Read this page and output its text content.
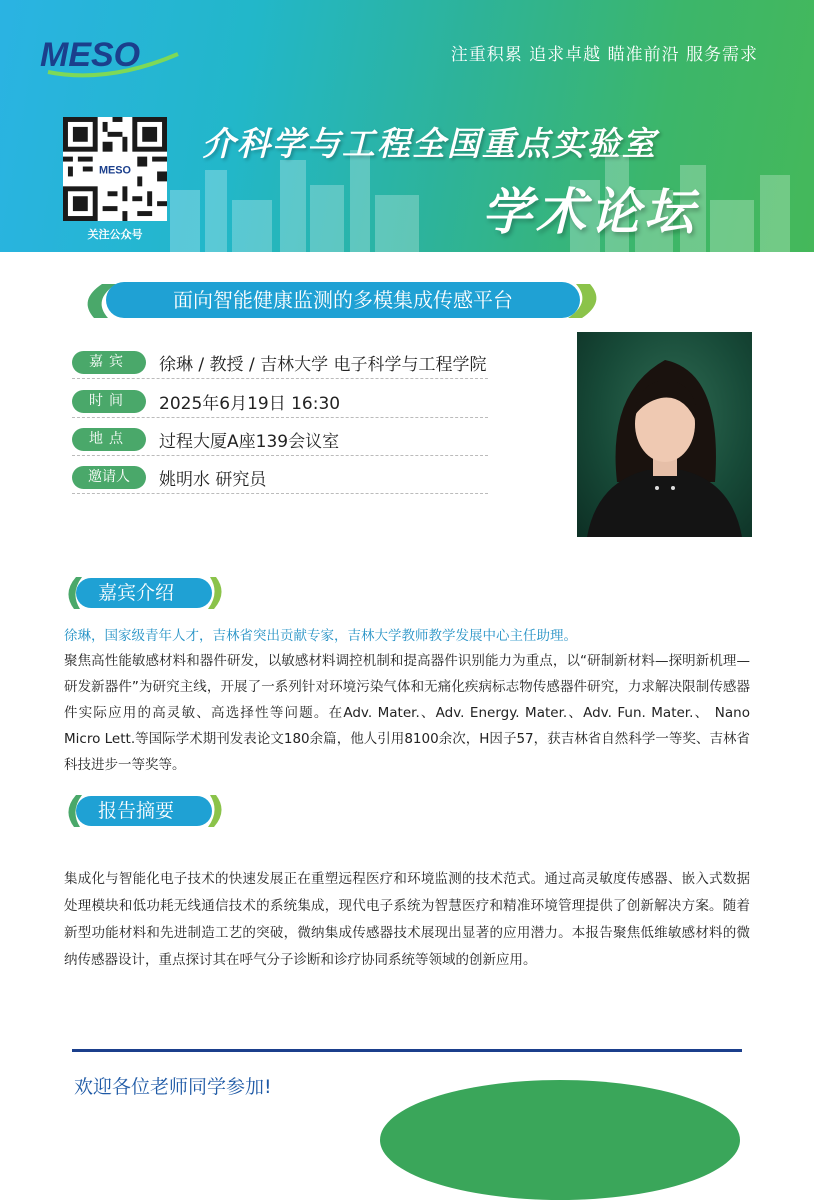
MESO	注重积累 追求卓越 瞄准前沿 服务需求
MESO
关注公众号
介科学与工程全国重点实验室
学术论坛
面向智能健康监测的多模集成传感平台
嘉宾	徐琳 / 教授 / 吉林大学 电子科学与工程学院
时间	2025年6月19日 16:30
地点	过程大厦A座139会议室
邀请人	姚明水 研究员
嘉宾介绍
徐琳，国家级青年人才，吉林省突出贡献专家，吉林大学教师教学发展中心主任助理。
聚焦高性能敏感材料和器件研发，以敏感材料调控机制和提高器件识别能力为重点，以“研制新材料—探明新机理—研发新器件”为研究主线，开展了一系列针对环境污染气体和无痛化疾病标志物传感器件研究，力求解决限制传感器件实际应用的高灵敏、高选择性等问题。在Adv. Mater.、Adv. Energy. Mater.、Adv. Fun. Mater.、 Nano Micro Lett.等国际学术期刊发表论文180余篇，他人引用8100余次，H因子57，获吉林省自然科学一等奖、吉林省科技进步一等奖等。
报告摘要
集成化与智能化电子技术的快速发展正在重塑远程医疗和环境监测的技术范式。通过高灵敏度传感器、嵌入式数据处理模块和低功耗无线通信技术的系统集成，现代电子系统为智慧医疗和精准环境管理提供了创新解决方案。随着新型功能材料和先进制造工艺的突破，微纳集成传感器技术展现出显著的应用潜力。本报告聚焦低维敏感材料的微纳传感器设计，重点探讨其在呼气分子诊断和诊疗协同系统等领域的创新应用。
欢迎各位老师同学参加!
